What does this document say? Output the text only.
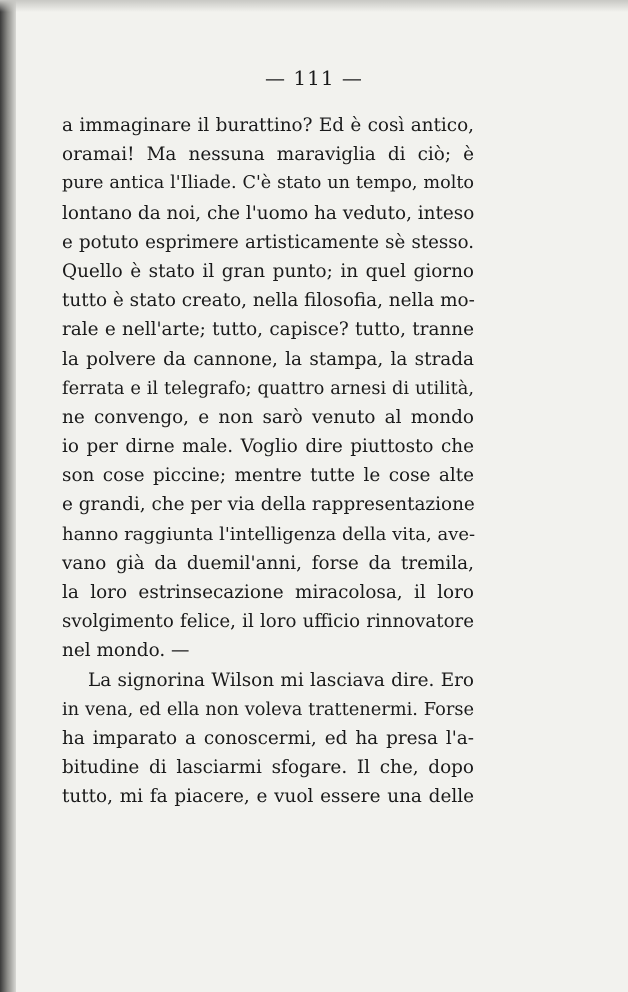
— 111 —
a immaginare il burattino? Ed è così antico,
oramai! Ma nessuna maraviglia di ciò; è
pure antica l'Iliade. C'è stato un tempo, molto
lontano da noi, che l'uomo ha veduto, inteso
e potuto esprimere artisticamente sè stesso.
Quello è stato il gran punto; in quel giorno
tutto è stato creato, nella filosofia, nella mo-
rale e nell'arte; tutto, capisce? tutto, tranne
la polvere da cannone, la stampa, la strada
ferrata e il telegrafo; quattro arnesi di utilità,
ne convengo, e non sarò venuto al mondo
io per dirne male. Voglio dire piuttosto che
son cose piccine; mentre tutte le cose alte
e grandi, che per via della rappresentazione
hanno raggiunta l'intelligenza della vita, ave-
vano già da duemil'anni, forse da tremila,
la loro estrinsecazione miracolosa, il loro
svolgimento felice, il loro ufficio rinnovatore
nel mondo. —
La signorina Wilson mi lasciava dire. Ero
in vena, ed ella non voleva trattenermi. Forse
ha imparato a conoscermi, ed ha presa l'a-
bitudine di lasciarmi sfogare. Il che, dopo
tutto, mi fa piacere, e vuol essere una delle
